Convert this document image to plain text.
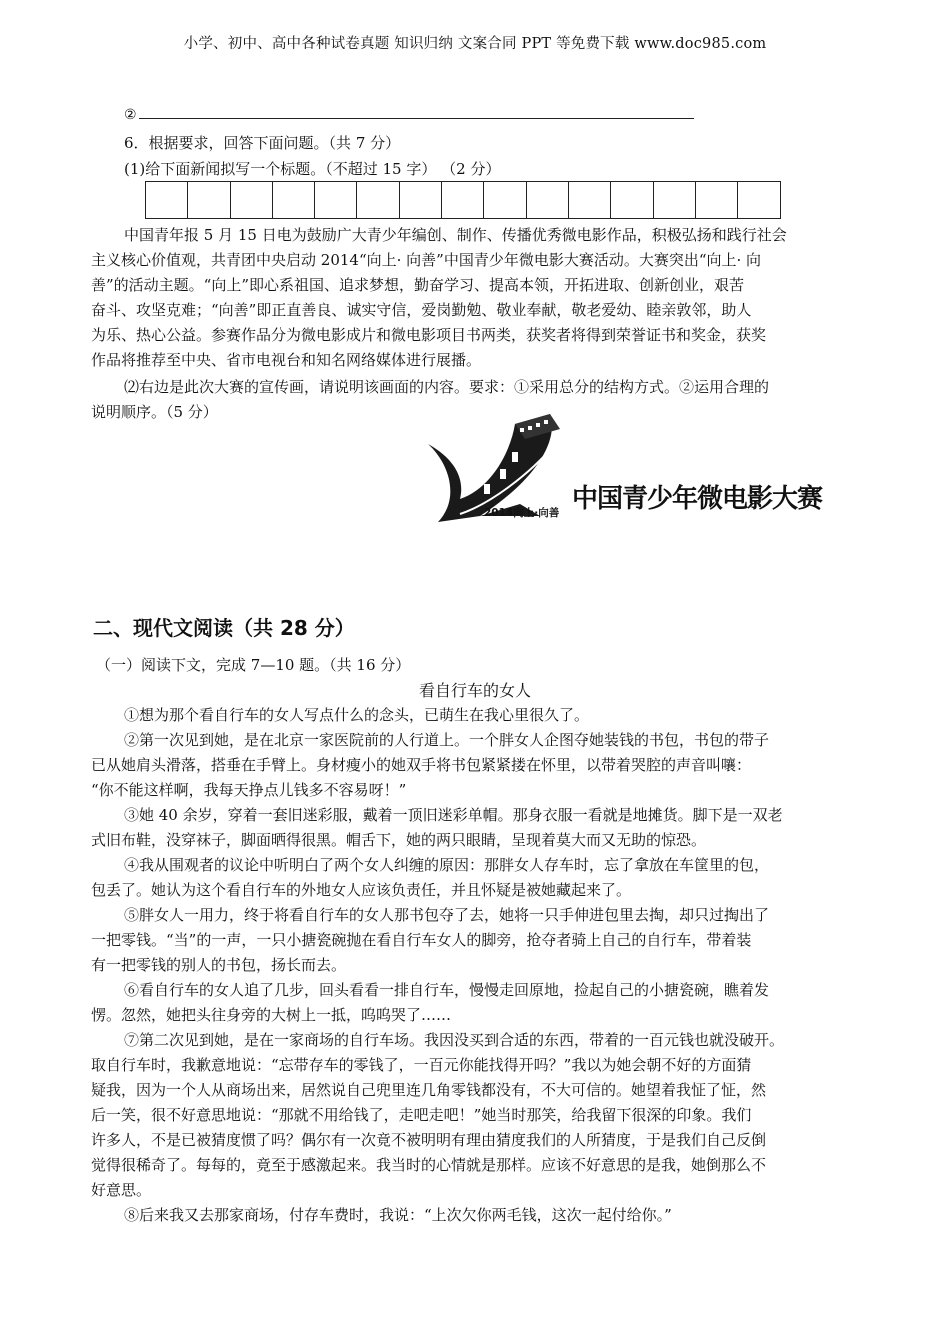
小学、初中、高中各种试卷真题 知识归纳 文案合同 PPT 等免费下载 www.doc985.com
②
6．根据要求，回答下面问题。（共 7 分）
(1)给下面新闻拟写一个标题。（不超过 15 字） （2 分）
中国青年报 5 月 15 日电为鼓励广大青少年编创、制作、传播优秀微电影作品，积极弘扬和践行社会
主义核心价值观，共青团中央启动 2014“向上· 向善”中国青少年微电影大赛活动。大赛突出“向上· 向
善”的活动主题。“向上”即心系祖国、追求梦想，勤奋学习、提高本领，开拓进取、创新创业，艰苦
奋斗、攻坚克难；“向善”即正直善良、诚实守信，爱岗勤勉、敬业奉献，敬老爱幼、睦亲敦邻，助人
为乐、热心公益。参赛作品分为微电影成片和微电影项目书两类，获奖者将得到荣誉证书和奖金，获奖
作品将推荐至中央、省市电视台和知名网络媒体进行展播。
⑵右边是此次大赛的宣传画，请说明该画面的内容。要求：①采用总分的结构方式。②运用合理的
说明顺序。（5 分）
2014向上·向善 中国青少年微电影大赛
二、现代文阅读（共 28 分）
（一）阅读下文，完成 7—10 题。（共 16 分）
看自行车的女人
①想为那个看自行车的女人写点什么的念头，已萌生在我心里很久了。
②第一次见到她，是在北京一家医院前的人行道上。一个胖女人企图夺她装钱的书包，书包的带子
已从她肩头滑落，搭垂在手臂上。身材瘦小的她双手将书包紧紧搂在怀里，以带着哭腔的声音叫嚷：
“你不能这样啊，我每天挣点儿钱多不容易呀！”
③她 40 余岁，穿着一套旧迷彩服，戴着一顶旧迷彩单帽。那身衣服一看就是地摊货。脚下是一双老
式旧布鞋，没穿袜子，脚面晒得很黑。帽舌下，她的两只眼睛，呈现着莫大而又无助的惊恐。
④我从围观者的议论中听明白了两个女人纠缠的原因：那胖女人存车时，忘了拿放在车筐里的包，
包丢了。她认为这个看自行车的外地女人应该负责任，并且怀疑是被她藏起来了。
⑤胖女人一用力，终于将看自行车的女人那书包夺了去，她将一只手伸进包里去掏，却只过掏出了
一把零钱。“当”的一声，一只小搪瓷碗抛在看自行车女人的脚旁，抢夺者骑上自己的自行车，带着装
有一把零钱的别人的书包，扬长而去。
⑥看自行车的女人追了几步，回头看看一排自行车，慢慢走回原地，捡起自己的小搪瓷碗，瞧着发
愣。忽然，她把头往身旁的大树上一抵，呜呜哭了……
⑦第二次见到她，是在一家商场的自行车场。我因没买到合适的东西，带着的一百元钱也就没破开。
取自行车时，我歉意地说：“忘带存车的零钱了，一百元你能找得开吗？”我以为她会朝不好的方面猜
疑我，因为一个人从商场出来，居然说自己兜里连几角零钱都没有，不大可信的。她望着我怔了怔，然
后一笑，很不好意思地说：“那就不用给钱了，走吧走吧！”她当时那笑，给我留下很深的印象。我们
许多人，不是已被猜度惯了吗？偶尔有一次竟不被明明有理由猜度我们的人所猜度，于是我们自己反倒
觉得很稀奇了。每每的，竟至于感激起来。我当时的心情就是那样。应该不好意思的是我，她倒那么不
好意思。
⑧后来我又去那家商场，付存车费时，我说：“上次欠你两毛钱，这次一起付给你。”
